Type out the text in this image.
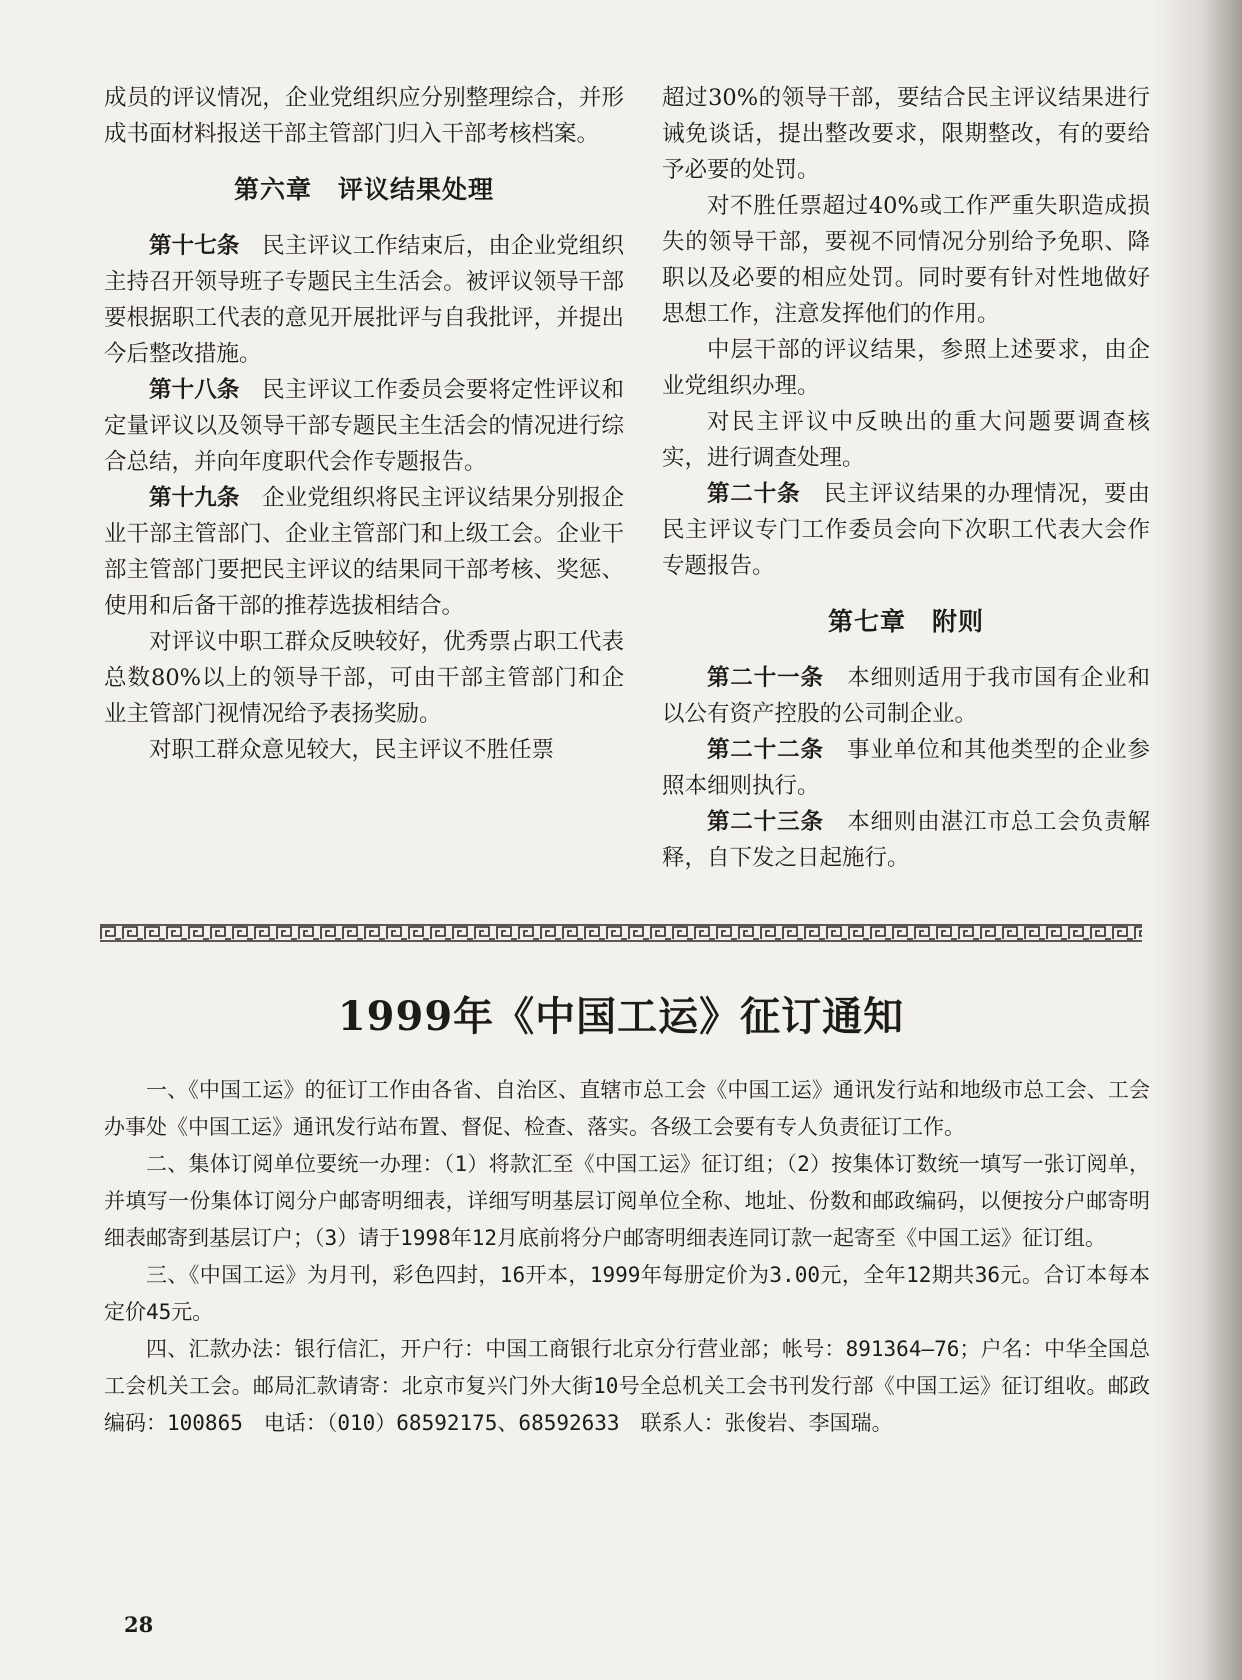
成员的评议情况，企业党组织应分别整理综合，并形成书面材料报送干部主管部门归入干部考核档案。

第六章　评议结果处理

第十七条　民主评议工作结束后，由企业党组织主持召开领导班子专题民主生活会。被评议领导干部要根据职工代表的意见开展批评与自我批评，并提出今后整改措施。

第十八条　民主评议工作委员会要将定性评议和定量评议以及领导干部专题民主生活会的情况进行综合总结，并向年度职代会作专题报告。

第十九条　企业党组织将民主评议结果分别报企业干部主管部门、企业主管部门和上级工会。企业干部主管部门要把民主评议的结果同干部考核、奖惩、使用和后备干部的推荐选拔相结合。

对评议中职工群众反映较好，优秀票占职工代表总数80%以上的领导干部，可由干部主管部门和企业主管部门视情况给予表扬奖励。

对职工群众意见较大，民主评议不胜任票

超过30%的领导干部，要结合民主评议结果进行诫免谈话，提出整改要求，限期整改，有的要给予必要的处罚。

对不胜任票超过40%或工作严重失职造成损失的领导干部，要视不同情况分别给予免职、降职以及必要的相应处罚。同时要有针对性地做好思想工作，注意发挥他们的作用。

中层干部的评议结果，参照上述要求，由企业党组织办理。

对民主评议中反映出的重大问题要调查核实，进行调查处理。

第二十条　民主评议结果的办理情况，要由民主评议专门工作委员会向下次职工代表大会作专题报告。

第七章　附则

第二十一条　本细则适用于我市国有企业和以公有资产控股的公司制企业。

第二十二条　事业单位和其他类型的企业参照本细则执行。

第二十三条　本细则由湛江市总工会负责解释，自下发之日起施行。

1999年《中国工运》征订通知

一、《中国工运》的征订工作由各省、自治区、直辖市总工会《中国工运》通讯发行站和地级市总工会、工会办事处《中国工运》通讯发行站布置、督促、检查、落实。各级工会要有专人负责征订工作。

二、集体订阅单位要统一办理：（1）将款汇至《中国工运》征订组；（2）按集体订数统一填写一张订阅单，并填写一份集体订阅分户邮寄明细表，详细写明基层订阅单位全称、地址、份数和邮政编码，以便按分户邮寄明细表邮寄到基层订户；（3）请于1998年12月底前将分户邮寄明细表连同订款一起寄至《中国工运》征订组。

三、《中国工运》为月刊，彩色四封，16开本，1999年每册定价为3.00元，全年12期共36元。合订本每本定价45元。

四、汇款办法：银行信汇，开户行：中国工商银行北京分行营业部；帐号：891364—76；户名：中华全国总工会机关工会。邮局汇款请寄：北京市复兴门外大街10号全总机关工会书刊发行部《中国工运》征订组收。邮政编码：100865　电话：（010）68592175、68592633　联系人：张俊岩、李国瑞。

28
